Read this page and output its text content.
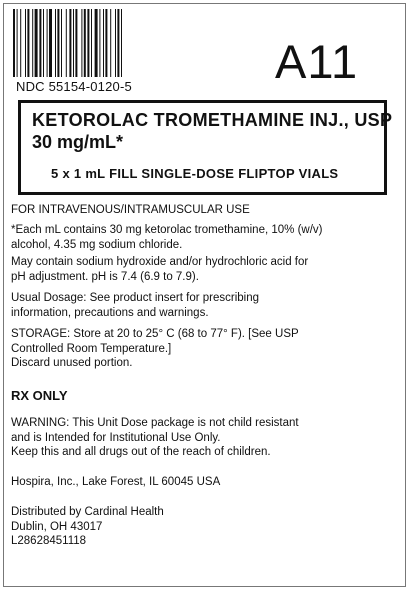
NDC 55154-0120-5	A11
KETOROLAC TROMETHAMINE INJ., USP
30 mg/mL*
5 x 1 mL FILL SINGLE-DOSE FLIPTOP VIALS
FOR INTRAVENOUS/INTRAMUSCULAR USE
*Each mL contains 30 mg ketorolac tromethamine, 10% (w/v)
alcohol, 4.35 mg sodium chloride.
May contain sodium hydroxide and/or hydrochloric acid for
pH adjustment. pH is 7.4 (6.9 to 7.9).
Usual Dosage: See product insert for prescribing
information, precautions and warnings.
STORAGE: Store at 20 to 25° C (68 to 77° F). [See USP
Controlled Room Temperature.]
Discard unused portion.
RX ONLY
WARNING: This Unit Dose package is not child resistant
and is Intended for Institutional Use Only.
Keep this and all drugs out of the reach of children.
Hospira, Inc., Lake Forest, IL 60045 USA
Distributed by Cardinal Health
Dublin, OH 43017
L28628451118
